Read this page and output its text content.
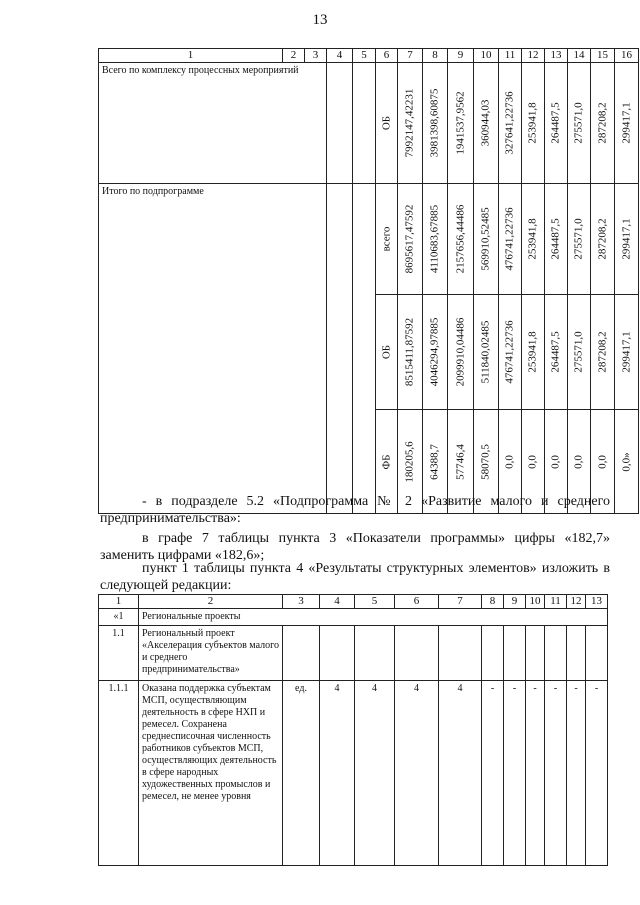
13
1	2	3	4	5	6	7	8	9	10	11	12	13	14	15	16
Всего по комплексу процессных мероприятий					ОБ	7992147,42231	3981398,60875	1941537,9562	360944,03	327641,22736	253941,8	264487,5	275571,0	287208,2	299417,1

Итого по подпрограмме					всего	8695617,47592	4110683,67885	2157656,44486	569910,52485	476741,22736	253941,8	264487,5	275571,0	287208,2	299417,1

					ОБ	8515411,87592	4046294,97885	2099910,04486	511840,02485	476741,22736	253941,8	264487,5	275571,0	287208,2	299417,1

					ФБ	180205,6	64388,7	57746,4	58070,5	0,0	0,0	0,0	0,0	0,0	0,0»
- в подразделе 5.2 «Подпрограмма № 2 «Развитие малого и среднего предпринимательства»:
в графе 7 таблицы пункта 3 «Показатели программы» цифры «182,7» заменить цифрами «182,6»;
пункт 1 таблицы пункта 4 «Результаты структурных элементов» изложить в следующей редакции:
1	2	3	4	5	6	7	8	9	10	11	12	13
«1	Региональные проекты											
1.1	Региональный проект «Акселерация субъектов малого и среднего предпринимательства»											
1.1.1	Оказана поддержка субъектам МСП, осуществляющим деятельность в сфере НХП и ремесел. Сохранена среднесписочная численность работников субъектов МСП, осуществляющих деятельность в сфере народных художественных промыслов и ремесел, не менее уровня	ед.	4	4	4	4	-	-	-	-	-	-
